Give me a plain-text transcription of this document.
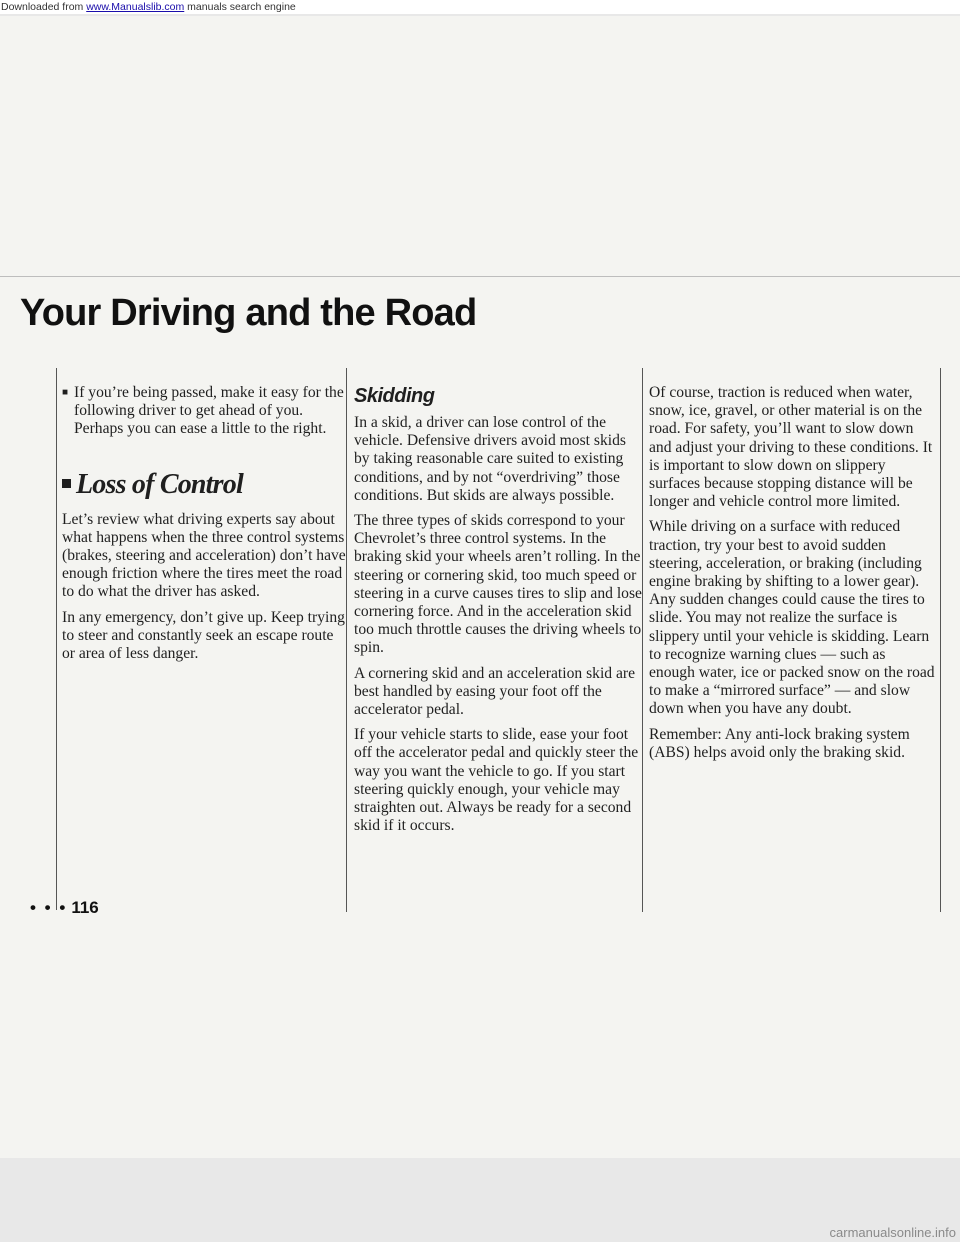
Downloaded from www.Manualslib.com manuals search engine
Your Driving and the Road
■ If you’re being passed, make it easy for the following driver to get ahead of you. Perhaps you can ease a little to the right.
Loss of Control

Let’s review what driving experts say about what happens when the three control systems (brakes, steering and acceleration) don’t have enough friction where the tires meet the road to do what the driver has asked.

In any emergency, don’t give up. Keep trying to steer and constantly seek an escape route or area of less danger.

Skidding

In a skid, a driver can lose control of the vehicle. Defensive drivers avoid most skids by taking reasonable care suited to existing conditions, and by not “overdriving” those conditions. But skids are always possible.

The three types of skids correspond to your Chevrolet’s three control systems. In the braking skid your wheels aren’t rolling. In the steering or cornering skid, too much speed or steering in a curve causes tires to slip and lose cornering force. And in the acceleration skid too much throttle causes the driving wheels to spin.

A cornering skid and an acceleration skid are best handled by easing your foot off the accelerator pedal.

If your vehicle starts to slide, ease your foot off the accelerator pedal and quickly steer the way you want the vehicle to go. If you start steering quickly enough, your vehicle may straighten out. Always be ready for a second skid if it occurs.

Of course, traction is reduced when water, snow, ice, gravel, or other material is on the road. For safety, you’ll want to slow down and adjust your driving to these conditions. It is important to slow down on slippery surfaces because stopping distance will be longer and vehicle control more limited.

While driving on a surface with reduced traction, try your best to avoid sudden steering, acceleration, or braking (including engine braking by shifting to a lower gear). Any sudden changes could cause the tires to slide. You may not realize the surface is slippery until your vehicle is skidding. Learn to recognize warning clues — such as enough water, ice or packed snow on the road to make a “mirrored surface” — and slow down when you have any doubt.

Remember: Any anti-lock braking system (ABS) helps avoid only the braking skid.

• • • 116
carmanualsonline.info
